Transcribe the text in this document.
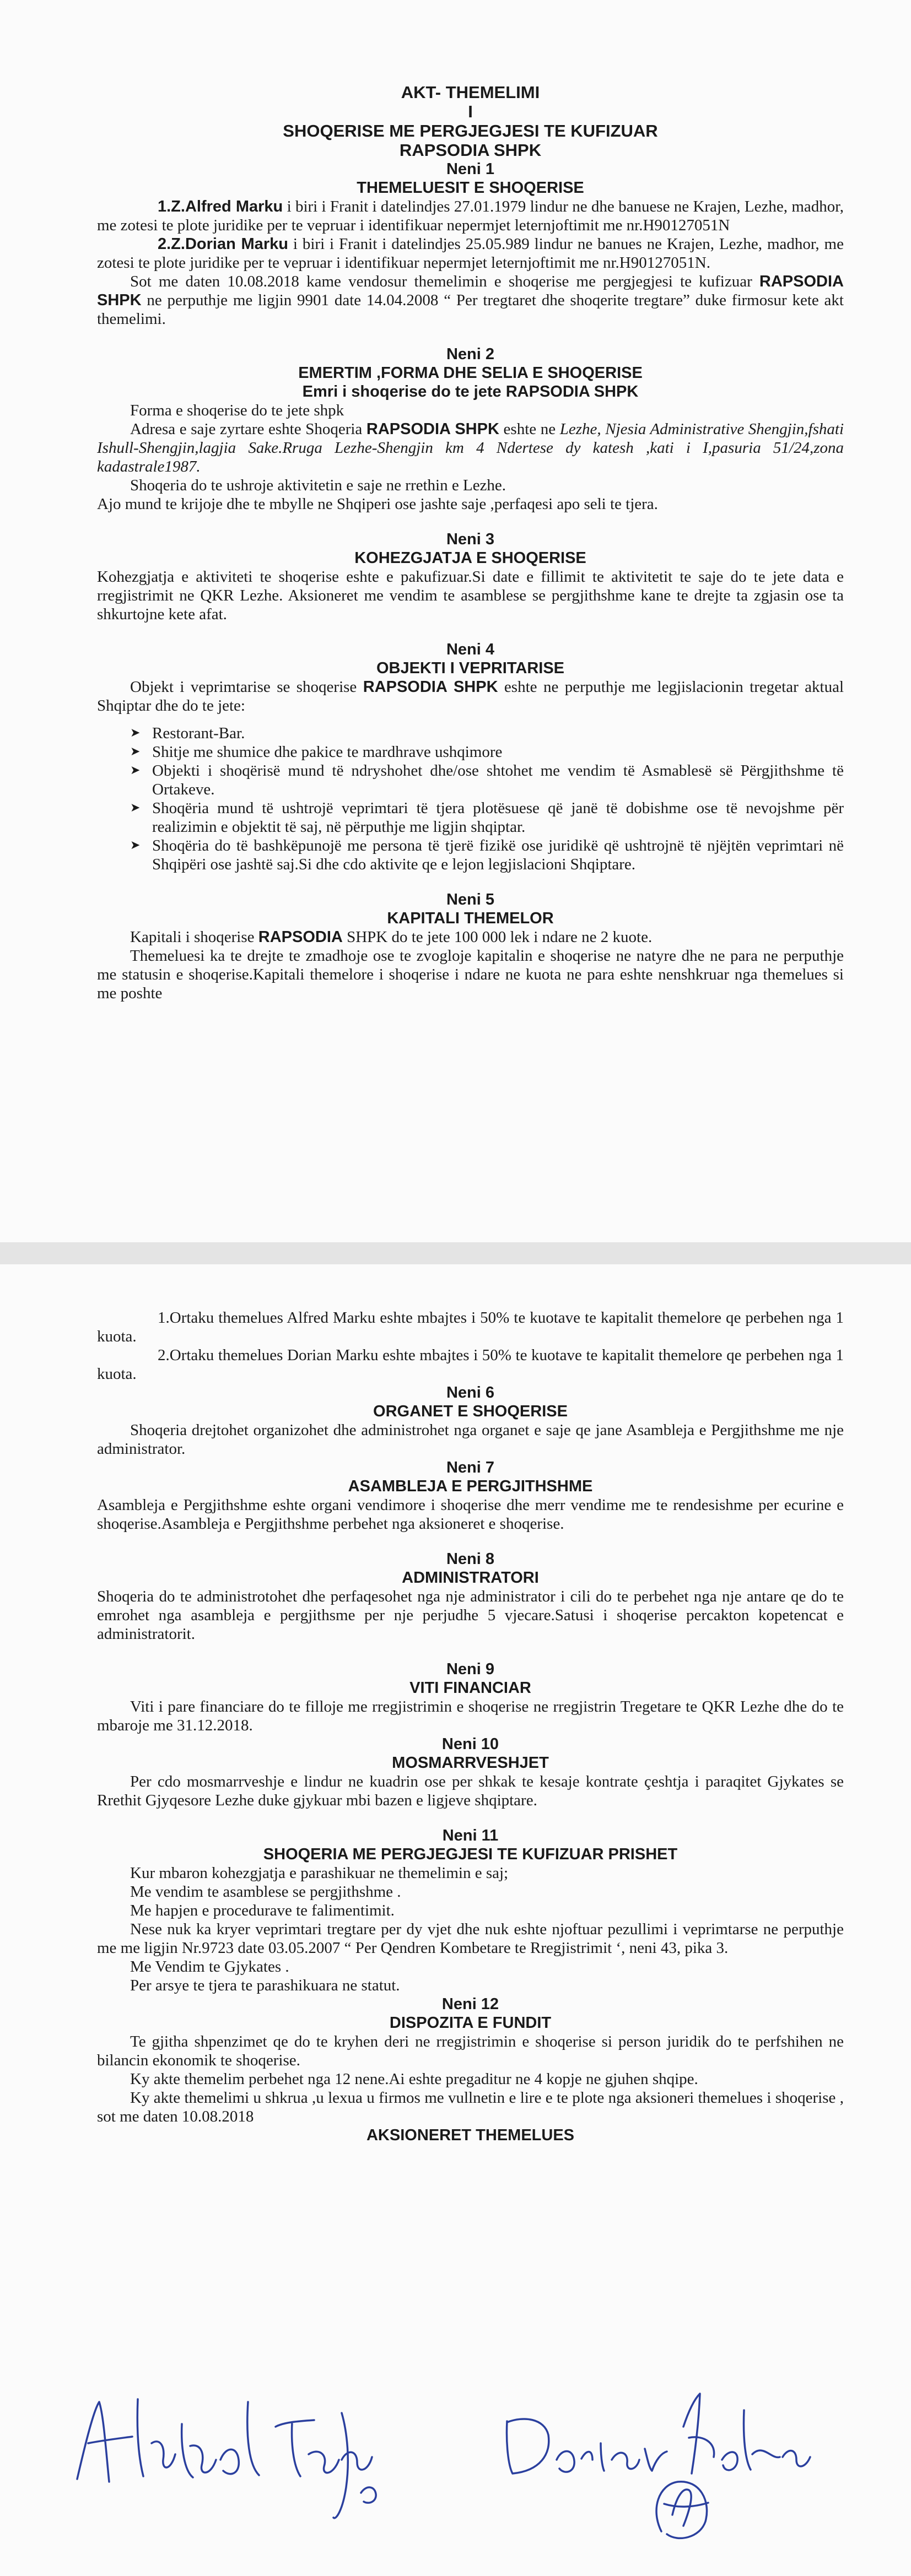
AKT- THEMELIMI
I
SHOQERISE ME PERGJEGJESI TE KUFIZUAR
RAPSODIA SHPK
Neni 1
THEMELUESIT E SHOQERISE

1.Z.Alfred Marku i biri i Franit i datelindjes 27.01.1979 lindur ne dhe banuese ne Krajen, Lezhe, madhor, me zotesi te plote juridike per te vepruar i identifikuar nepermjet leternjoftimit me nr.H90127051N

2.Z.Dorian Marku i biri i Franit i datelindjes 25.05.989 lindur ne banues ne Krajen, Lezhe, madhor, me zotesi te plote juridike per te vepruar i identifikuar nepermjet leternjoftimit me nr.H90127051N.

Sot me daten 10.08.2018 kame vendosur themelimin e shoqerise me pergjegjesi te kufizuar RAPSODIA SHPK ne perputhje me ligjin 9901 date 14.04.2008 “ Per tregtaret dhe shoqerite tregtare” duke firmosur kete akt themelimi.

Neni 2
EMERTIM ,FORMA DHE SELIA E SHOQERISE
Emri i shoqerise do te jete RAPSODIA SHPK

Forma e shoqerise do te jete shpk

Adresa e saje zyrtare eshte Shoqeria RAPSODIA SHPK eshte ne Lezhe, Njesia Administrative Shengjin,fshati Ishull-Shengjin,lagjia Sake.Rruga Lezhe-Shengjin km 4 Ndertese dy katesh ,kati i I,pasuria 51/24,zona kadastrale1987.

Shoqeria do te ushroje aktivitetin e saje ne rrethin e Lezhe.

Ajo mund te krijoje dhe te mbylle ne Shqiperi ose jashte saje ,perfaqesi apo seli te tjera.

Neni 3
KOHEZGJATJA E SHOQERISE

Kohezgjatja e aktiviteti te shoqerise eshte e pakufizuar.Si date e fillimit te aktivitetit te saje do te jete data e rregjistrimit ne QKR Lezhe. Aksioneret me vendim te asamblese se pergjithshme kane te drejte ta zgjasin ose ta shkurtojne kete afat.

Neni 4
OBJEKTI I VEPRITARISE

Objekt i veprimtarise se shoqerise RAPSODIA SHPK eshte ne perputhje me legjislacionin tregetar aktual Shqiptar dhe do te jete:

➤ Restorant-Bar.
➤ Shitje me shumice dhe pakice te mardhrave ushqimore
➤ Objekti i shoqërisë mund të ndryshohet dhe/ose shtohet me vendim të Asmablesë së Përgjithshme të Ortakeve.
➤ Shoqëria mund të ushtrojë veprimtari të tjera plotësuese që janë të dobishme ose të nevojshme për realizimin e objektit të saj, në përputhje me ligjin shqiptar.
➤ Shoqëria do të bashkëpunojë me persona të tjerë fizikë ose juridikë që ushtrojnë të njëjtën veprimtari në Shqipëri ose jashtë saj.Si dhe cdo aktivite qe e lejon legjislacioni Shqiptare.
Neni 5
KAPITALI THEMELOR

Kapitali i shoqerise RAPSODIA SHPK do te jete 100 000 lek i ndare ne 2 kuote.

Themeluesi ka te drejte te zmadhoje ose te zvogloje kapitalin e shoqerise ne natyre dhe ne para ne perputhje me statusin e shoqerise.Kapitali themelore i shoqerise i ndare ne kuota ne para eshte nenshkruar nga themelues si me poshte

1.Ortaku themelues Alfred Marku eshte mbajtes i 50% te kuotave te kapitalit themelore qe perbehen nga 1 kuota.

2.Ortaku themelues Dorian Marku eshte mbajtes i 50% te kuotave te kapitalit themelore qe perbehen nga 1 kuota.

Neni 6
ORGANET E SHOQERISE

Shoqeria drejtohet organizohet dhe administrohet nga organet e saje qe jane Asambleja e Pergjithshme me nje administrator.

Neni 7
ASAMBLEJA E PERGJITHSHME

Asambleja e Pergjithshme eshte organi vendimore i shoqerise dhe merr vendime me te rendesishme per ecurine e shoqerise.Asambleja e Pergjithshme perbehet nga aksioneret e shoqerise.

Neni 8
ADMINISTRATORI

Shoqeria do te administrotohet dhe perfaqesohet nga nje administrator i cili do te perbehet nga nje antare qe do te emrohet nga asambleja e pergjithsme per nje perjudhe 5 vjecare.Satusi i shoqerise percakton kopetencat e administratorit.

Neni 9
VITI FINANCIAR

Viti i pare financiare do te filloje me rregjistrimin e shoqerise ne rregjistrin Tregetare te QKR Lezhe dhe do te mbaroje me 31.12.2018.

Neni 10
MOSMARRVESHJET

Per cdo mosmarrveshje e lindur ne kuadrin ose per shkak te kesaje kontrate çeshtja i paraqitet Gjykates se Rrethit Gjyqesore Lezhe duke gjykuar mbi bazen e ligjeve shqiptare.

Neni 11
SHOQERIA ME PERGJEGJESI TE KUFIZUAR PRISHET

Kur mbaron kohezgjatja e parashikuar ne themelimin e saj;

Me vendim te asamblese se pergjithshme .

Me hapjen e procedurave te falimentimit.

Nese nuk ka kryer veprimtari tregtare per dy vjet dhe nuk eshte njoftuar pezullimi i veprimtarse ne perputhje me me ligjin Nr.9723 date 03.05.2007 “ Per Qendren Kombetare te Rregjistrimit ‘, neni 43, pika 3.

Me Vendim te Gjykates .

Per arsye te tjera te parashikuara ne statut.

Neni 12
DISPOZITA E FUNDIT

Te gjitha shpenzimet qe do te kryhen deri ne rregjistrimin e shoqerise si person juridik do te perfshihen ne bilancin ekonomik te shoqerise.

Ky akte themelim perbehet nga 12 nene.Ai eshte pregaditur ne 4 kopje ne gjuhen shqipe.

Ky akte themelimi u shkrua ,u lexua u firmos me vullnetin e lire e te plote nga aksioneri themelues i shoqerise , sot me daten 10.08.2018

AKSIONERET THEMELUES
